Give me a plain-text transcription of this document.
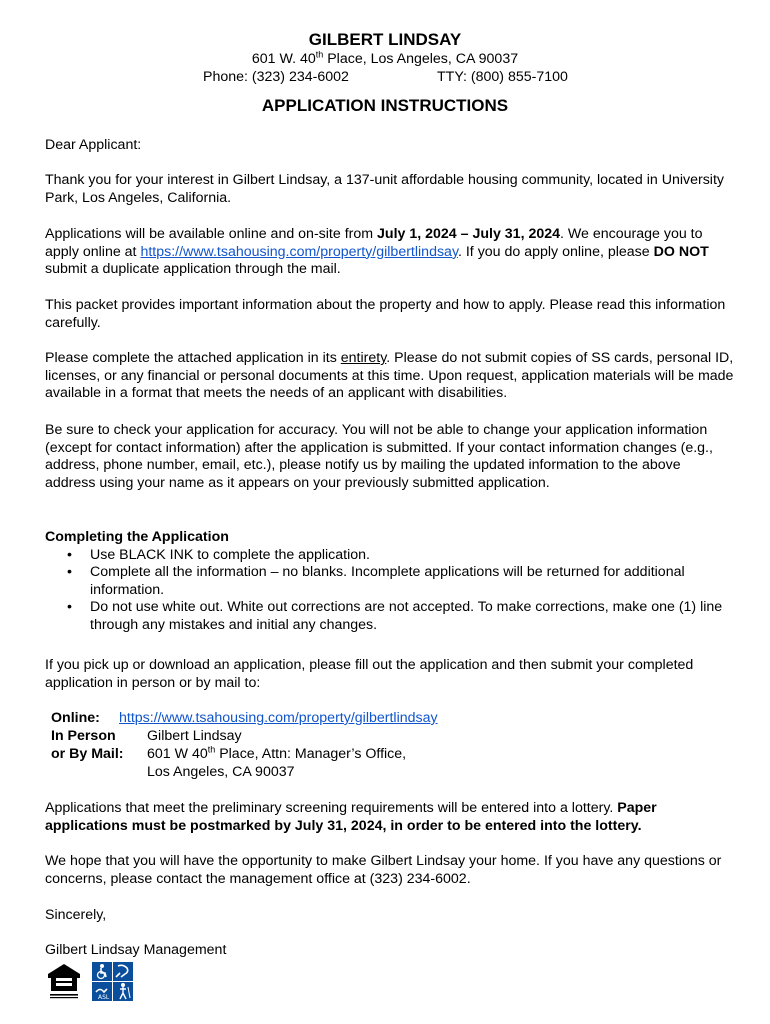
GILBERT LINDSAY
601 W. 40th Place, Los Angeles, CA 90037
Phone: (323) 234-6002	TTY: (800) 855-7100
APPLICATION INSTRUCTIONS
Dear Applicant:
Thank you for your interest in Gilbert Lindsay, a 137-unit affordable housing community, located in University Park, Los Angeles, California.
Applications will be available online and on-site from July 1, 2024 – July 31, 2024. We encourage you to apply online at https://www.tsahousing.com/property/gilbertlindsay. If you do apply online, please DO NOT submit a duplicate application through the mail.
This packet provides important information about the property and how to apply. Please read this information carefully.
Please complete the attached application in its entirety. Please do not submit copies of SS cards, personal ID, licenses, or any financial or personal documents at this time. Upon request, application materials will be made available in a format that meets the needs of an applicant with disabilities.
Be sure to check your application for accuracy. You will not be able to change your application information (except for contact information) after the application is submitted. If your contact information changes (e.g., address, phone number, email, etc.), please notify us by mailing the updated information to the above address using your name as it appears on your previously submitted application.
Completing the Application
• Use BLACK INK to complete the application.
• Complete all the information – no blanks. Incomplete applications will be returned for additional information.
• Do not use white out. White out corrections are not accepted. To make corrections, make one (1) line through any mistakes and initial any changes.
If you pick up or download an application, please fill out the application and then submit your completed application in person or by mail to:
Online: https://www.tsahousing.com/property/gilbertlindsay
In Person Gilbert Lindsay
or By Mail: 601 W 40th Place, Attn: Manager’s Office,
Los Angeles, CA 90037
Applications that meet the preliminary screening requirements will be entered into a lottery. Paper applications must be postmarked by July 31, 2024, in order to be entered into the lottery.
We hope that you will have the opportunity to make Gilbert Lindsay your home. If you have any questions or concerns, please contact the management office at (323) 234-6002.
Sincerely,
Gilbert Lindsay Management
ASL
